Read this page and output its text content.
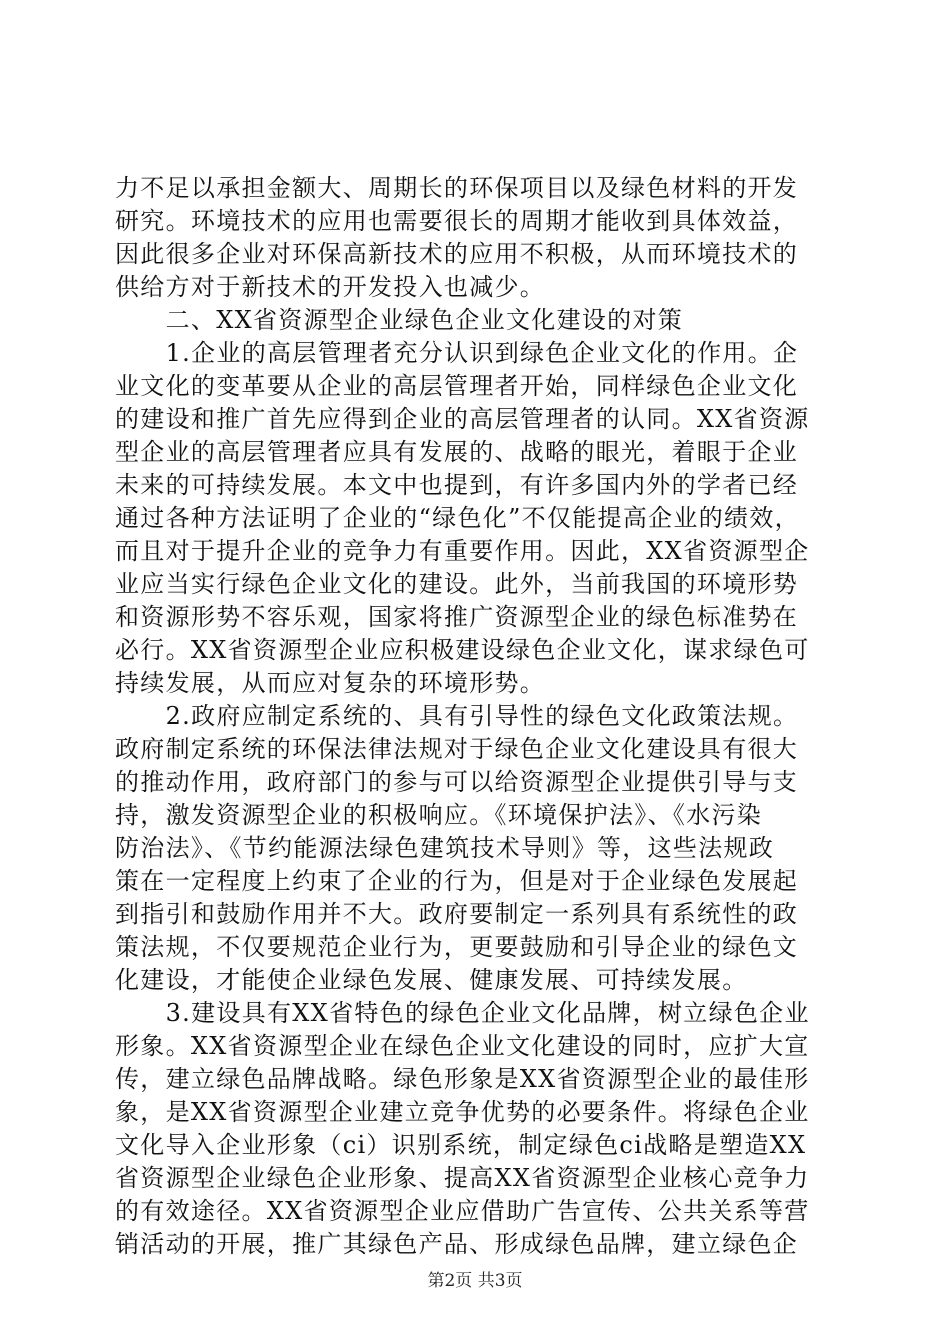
力不足以承担金额大、周期长的环保项目以及绿色材料的开发
研究。环境技术的应用也需要很长的周期才能收到具体效益，
因此很多企业对环保高新技术的应用不积极，从而环境技术的
供给方对于新技术的开发投入也减少。
　　二、XX省资源型企业绿色企业文化建设的对策
　　1.企业的高层管理者充分认识到绿色企业文化的作用。企
业文化的变革要从企业的高层管理者开始，同样绿色企业文化
的建设和推广首先应得到企业的高层管理者的认同。XX省资源
型企业的高层管理者应具有发展的、战略的眼光，着眼于企业
未来的可持续发展。本文中也提到，有许多国内外的学者已经
通过各种方法证明了企业的“绿色化”不仅能提高企业的绩效，
而且对于提升企业的竞争力有重要作用。因此，XX省资源型企
业应当实行绿色企业文化的建设。此外，当前我国的环境形势
和资源形势不容乐观，国家将推广资源型企业的绿色标准势在
必行。XX省资源型企业应积极建设绿色企业文化，谋求绿色可
持续发展，从而应对复杂的环境形势。
　　2.政府应制定系统的、具有引导性的绿色文化政策法规。
政府制定系统的环保法律法规对于绿色企业文化建设具有很大
的推动作用，政府部门的参与可以给资源型企业提供引导与支
持，激发资源型企业的积极响应。《环境保护法》、《水污染
防治法》、《节约能源法绿色建筑技术导则》等，这些法规政
策在一定程度上约束了企业的行为，但是对于企业绿色发展起
到指引和鼓励作用并不大。政府要制定一系列具有系统性的政
策法规，不仅要规范企业行为，更要鼓励和引导企业的绿色文
化建设，才能使企业绿色发展、健康发展、可持续发展。
　　3.建设具有XX省特色的绿色企业文化品牌，树立绿色企业
形象。XX省资源型企业在绿色企业文化建设的同时，应扩大宣
传，建立绿色品牌战略。绿色形象是XX省资源型企业的最佳形
象，是XX省资源型企业建立竞争优势的必要条件。将绿色企业
文化导入企业形象（ci）识别系统，制定绿色ci战略是塑造XX
省资源型企业绿色企业形象、提高XX省资源型企业核心竞争力
的有效途径。XX省资源型企业应借助广告宣传、公共关系等营
销活动的开展，推广其绿色产品、形成绿色品牌，建立绿色企
第2页 共3页
